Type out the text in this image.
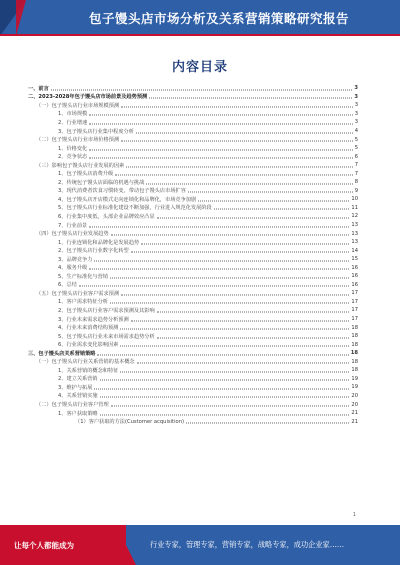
包子馒头店市场分析及关系营销策略研究报告
内容目录
一、前言	3
二、2023-2028年包子馒头店市场前景及趋势预测	3
（一）包子馒头店行业市场规模预测	3
1、市场规模	3
2、行业增速	3
3、包子馒头店行业集中程度分析	4
（二）包子馒头店行业市场价格预测	5
1、价格变化	5
2、竞争状态	6
（三）影响包子馒头店行业发展的因素	7
1、包子馒头店消费升级	7
2、传统包子馒头店面临的机遇与挑战	8
3、现代消费者饮食习惯转变，带动包子馒头店市场扩容	9
4、包子馒头店开店模式走向连锁化和品牌化，市场竞争加剧	10
5、包子馒头店行业标准化建设不断加强，行业进入规范化发展阶段	11
6、行业集中度低，头部企业品牌效应凸显	12
7、行业前景	13
（四）包子馒头店行业发展趋势	13
1、行业连锁化和品牌化是发展趋势	13
2、包子馒头店行业数字化转型	14
3、品牌竞争力	15
4、服务升级	16
5、生产标准化与营销	16
6、总结	16
（五）包子馒头店行业客户需求预测	17
1、客户需求特征分析	17
2、包子馒头店行业客户需求预测及其影响	17
3、行业未来需求趋势分析预测	17
4、行业未来消费结构预测	18
5、包子馒头店行业未来市场需求趋势分析	18
6、行业需求变化影响因素	18
三、包子馒头店关系营销策略	18
（一）包子馒头店行业关系营销的基本概念	18
1、关系营销的概念和特征	18
2、建立关系营销	19
3、维护与拓展	19
4、关系营销实施	20
（二）包子馒头店行业客户管理	20
1、客户获取策略	21
（1）客户获取的方法(Customer acquisition)	21
1
让每个人都能成为	行业专家，管理专家，营销专家，战略专家，成功企业家……
